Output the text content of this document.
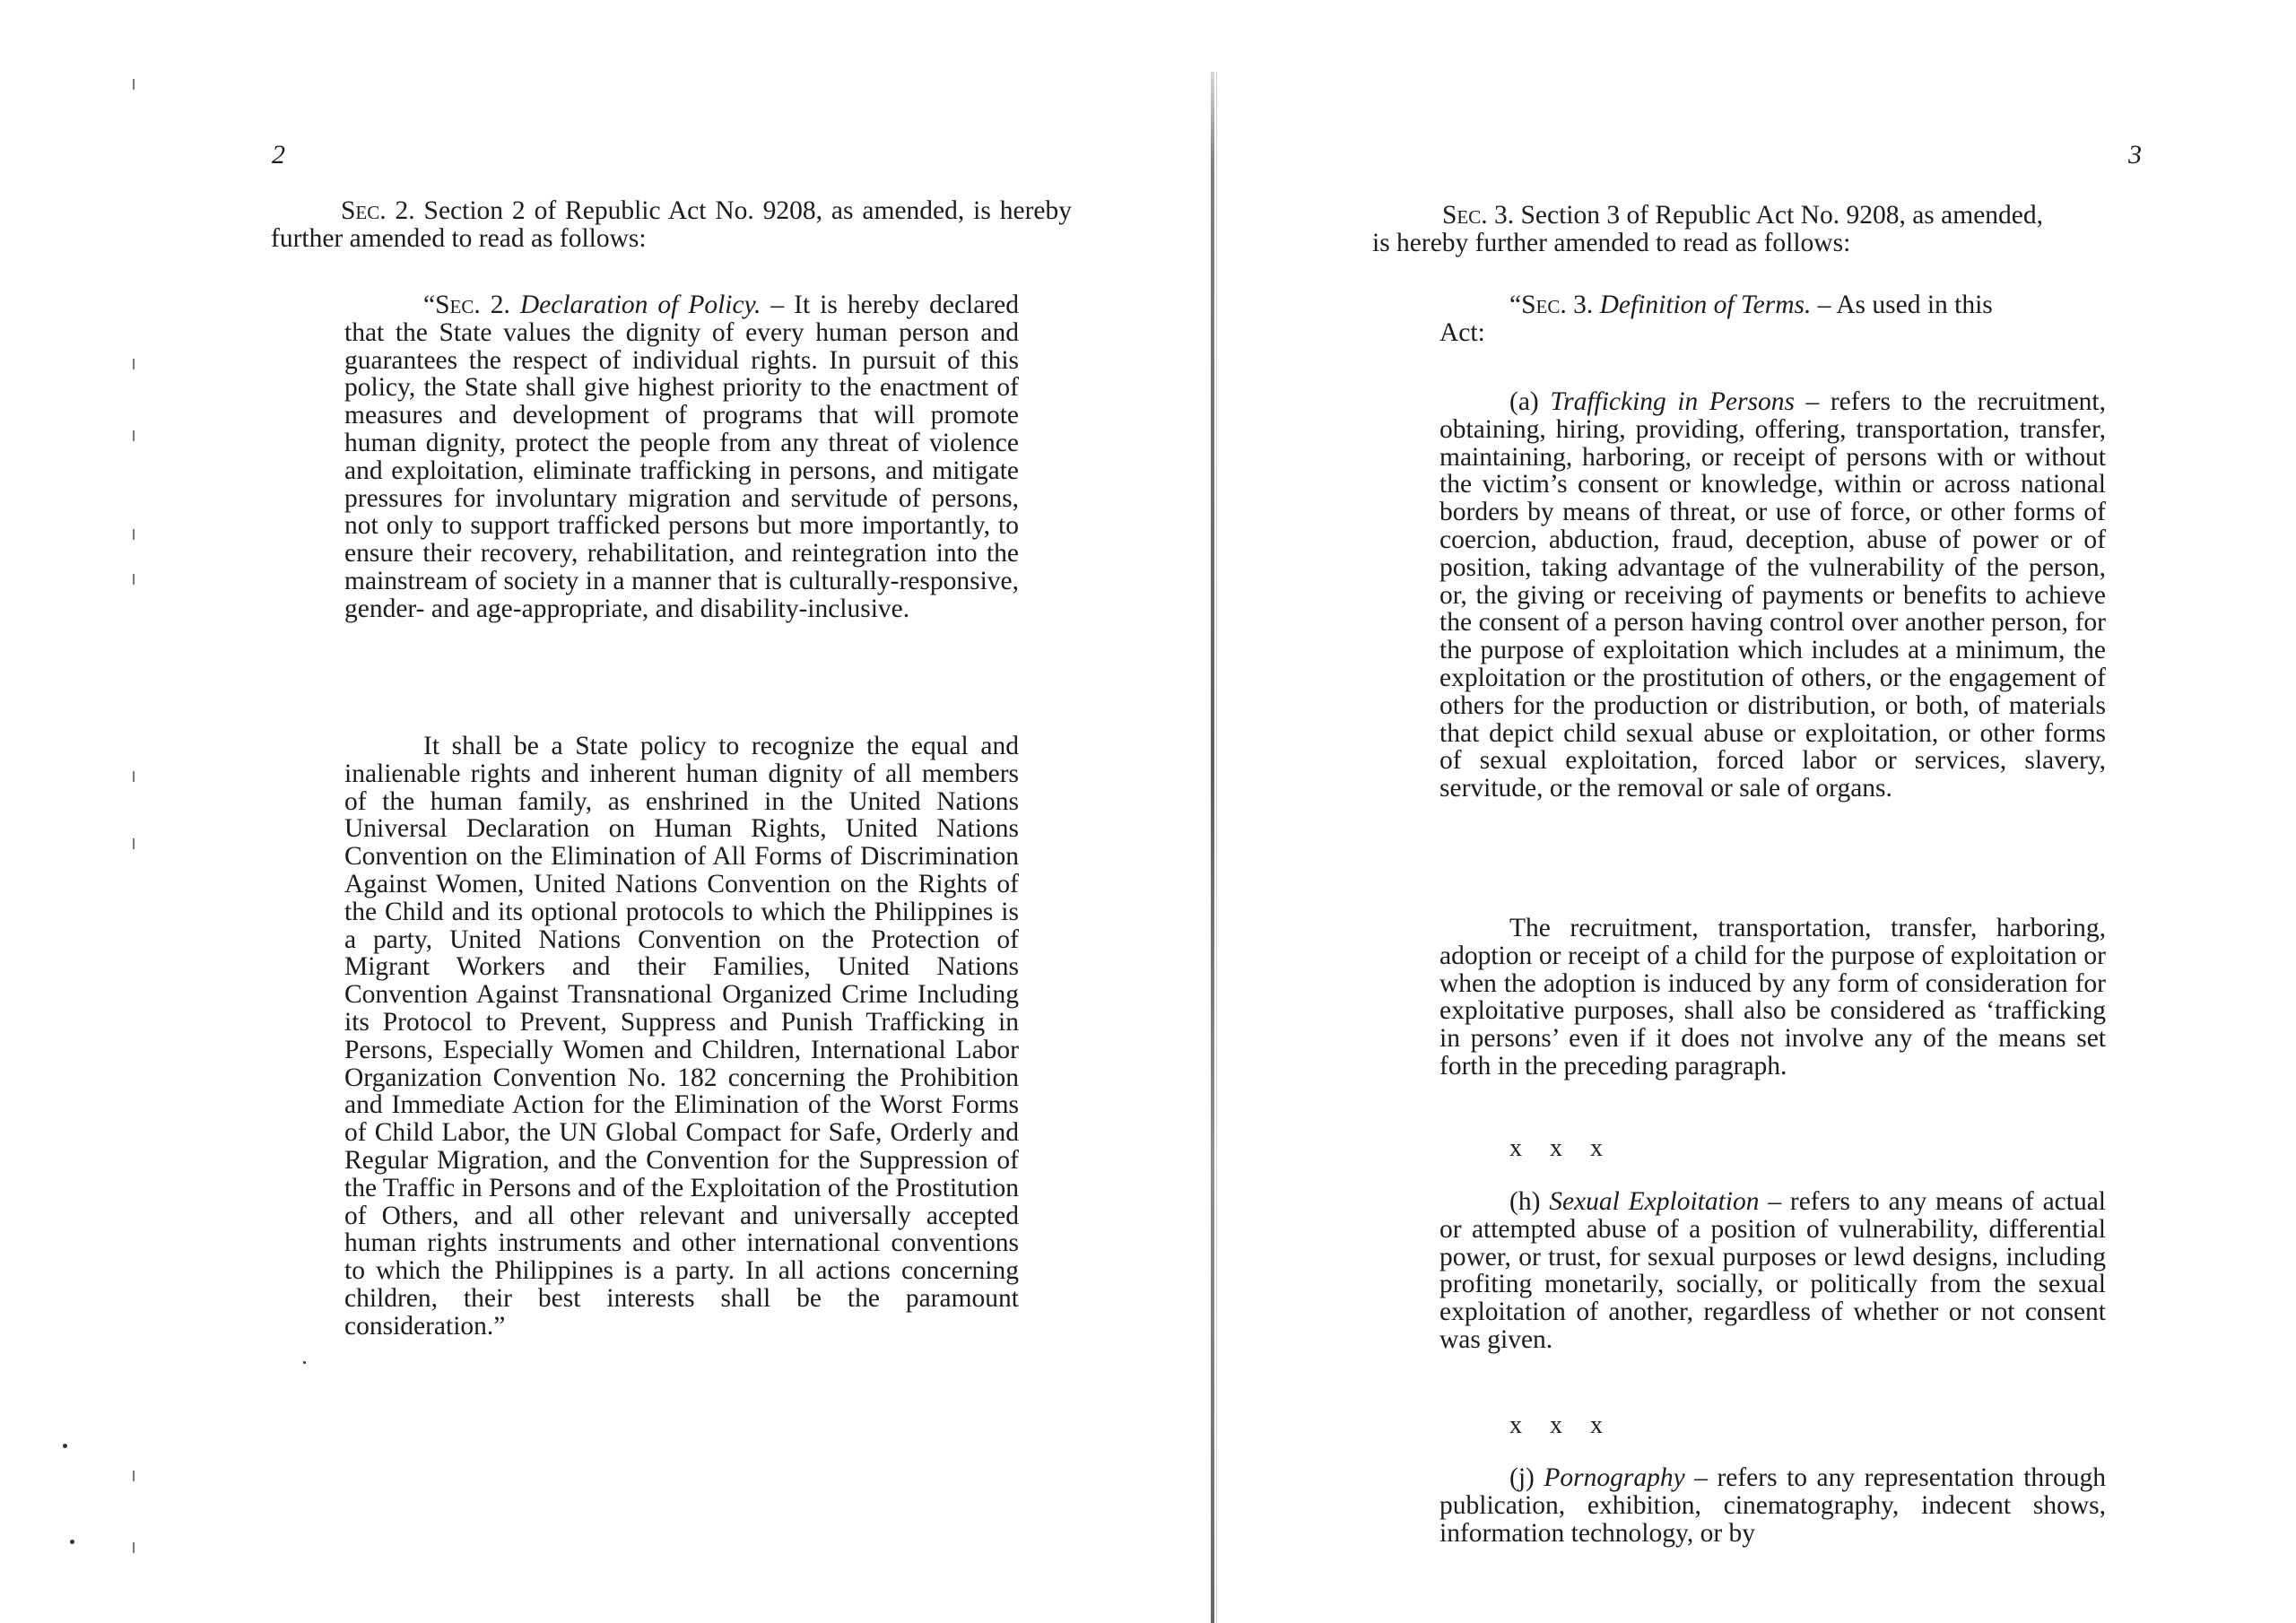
2

Sec. 2. Section 2 of Republic Act No. 9208, as amended, is hereby further amended to read as follows:

“Sec. 2. Declaration of Policy. – It is hereby declared that the State values the dignity of every human person and guarantees the respect of individual rights. In pursuit of this policy, the State shall give highest priority to the enactment of measures and development of programs that will promote human dignity, protect the people from any threat of violence and exploitation, eliminate trafficking in persons, and mitigate pressures for involuntary migration and servitude of persons, not only to support trafficked persons but more importantly, to ensure their recovery, rehabilitation, and reintegration into the mainstream of society in a manner that is culturally-responsive, gender- and age-appropriate, and disability-inclusive.

It shall be a State policy to recognize the equal and inalienable rights and inherent human dignity of all members of the human family, as enshrined in the United Nations Universal Declaration on Human Rights, United Nations Convention on the Elimination of All Forms of Discrimination Against Women, United Nations Convention on the Rights of the Child and its optional protocols to which the Philippines is a party, United Nations Convention on the Protection of Migrant Workers and their Families, United Nations Convention Against Transnational Organized Crime Including its Protocol to Prevent, Suppress and Punish Trafficking in Persons, Especially Women and Children, International Labor Organization Convention No. 182 concerning the Prohibition and Immediate Action for the Elimination of the Worst Forms of Child Labor, the UN Global Compact for Safe, Orderly and Regular Migration, and the Convention for the Suppression of the Traffic in Persons and of the Exploitation of the Prostitution of Others, and all other relevant and universally accepted human rights instruments and other international conventions to which the Philippines is a party. In all actions concerning children, their best interests shall be the paramount consideration.”

3
Sec. 3. Section 3 of Republic Act No. 9208, as amended,
is hereby further amended to read as follows:
“Sec. 3. Definition of Terms. – As used in this
Act:

(a) Trafficking in Persons – refers to the recruitment, obtaining, hiring, providing, offering, transportation, transfer, maintaining, harboring, or receipt of persons with or without the victim’s consent or knowledge, within or across national borders by means of threat, or use of force, or other forms of coercion, abduction, fraud, deception, abuse of power or of position, taking advantage of the vulnerability of the person, or, the giving or receiving of payments or benefits to achieve the consent of a person having control over another person, for the purpose of exploitation which includes at a minimum, the exploitation or the prostitution of others, or the engagement of others for the production or distribution, or both, of materials that depict child sexual abuse or exploitation, or other forms of sexual exploitation, forced labor or services, slavery, servitude, or the removal or sale of organs.

The recruitment, transportation, transfer, harboring, adoption or receipt of a child for the purpose of exploitation or when the adoption is induced by any form of consideration for exploitative purposes, shall also be considered as ‘trafficking in persons’ even if it does not involve any of the means set forth in the preceding paragraph.

x x x

(h) Sexual Exploitation – refers to any means of actual or attempted abuse of a position of vulnerability, differential power, or trust, for sexual purposes or lewd designs, including profiting monetarily, socially, or politically from the sexual exploitation of another, regardless of whether or not consent was given.

x x x

(j) Pornography – refers to any representation through publication, exhibition, cinematography, indecent shows, information technology, or by
